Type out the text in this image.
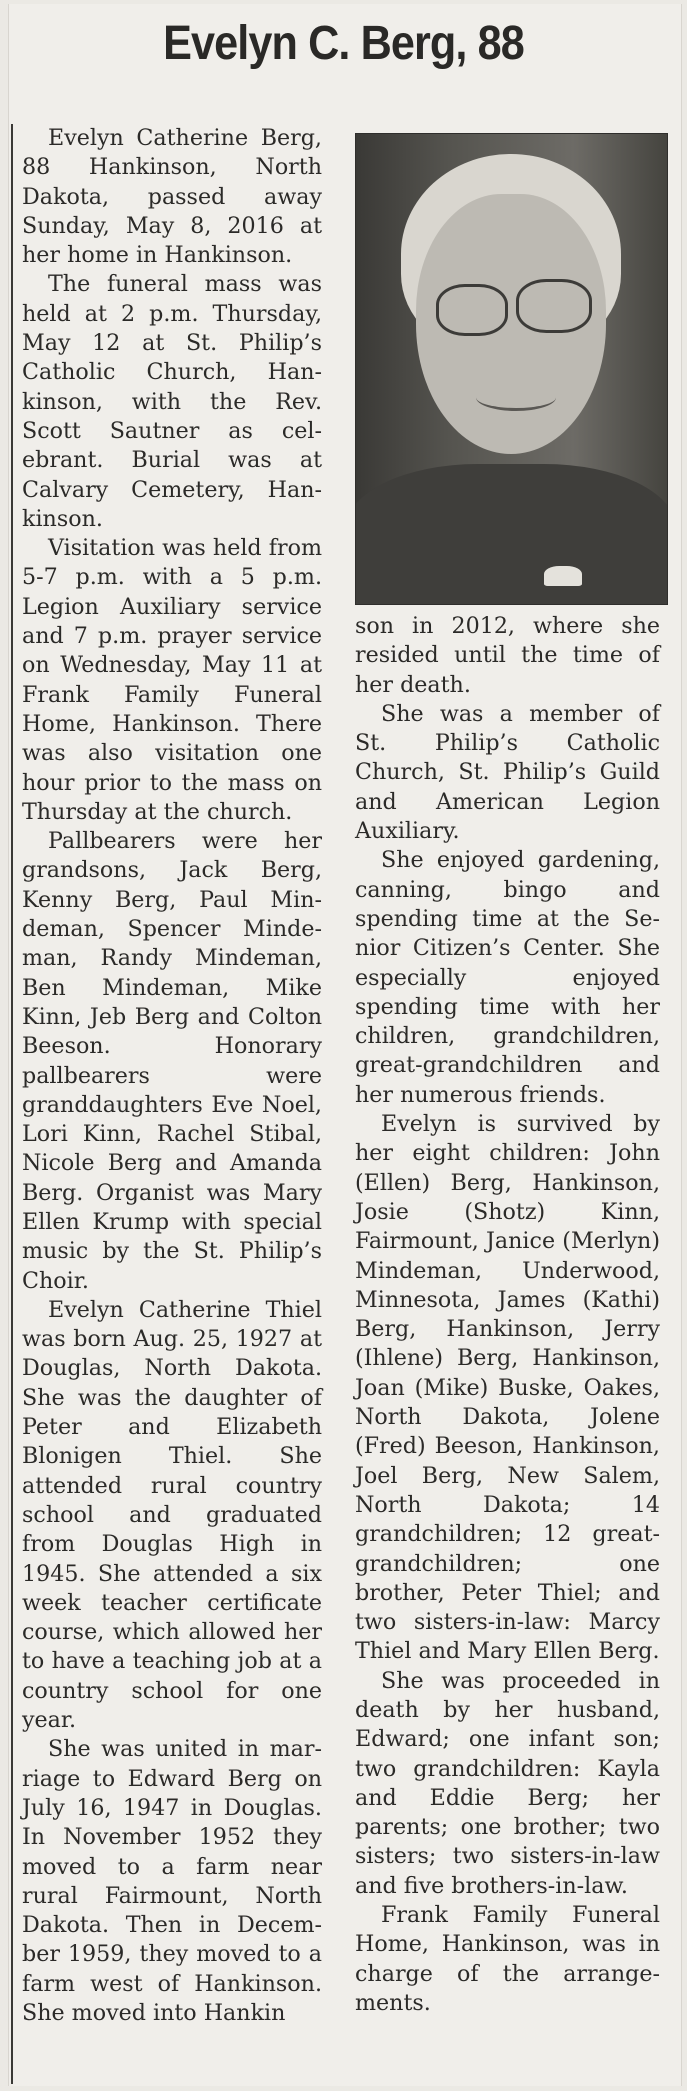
Evelyn C. Berg, 88

Evelyn Catherine Berg, 88 Hankinson, North Dakota, passed away Sunday, May 8, 2016 at her home in Hankinson.

The funeral mass was held at 2 p.m. Thursday, May 12 at St. Philip’s Catholic Church, Hankinson, with the Rev. Scott Sautner as celebrant. Burial was at Calvary Cemetery, Hankinson.

Visitation was held from 5-7 p.m. with a 5 p.m. Legion Auxiliary service and 7 p.m. prayer service on Wednesday, May 11 at Frank Family Funeral Home, Hankinson. There was also visitation one hour prior to the mass on Thursday at the church.

Pallbearers were her grandsons, Jack Berg, Kenny Berg, Paul Mindeman, Spencer Mindeman, Randy Mindeman, Ben Mindeman, Mike Kinn, Jeb Berg and Colton Beeson. Honorary pallbearers were granddaughters Eve Noel, Lori Kinn, Rachel Stibal, Nicole Berg and Amanda Berg. Organist was Mary Ellen Krump with special music by the St. Philip’s Choir.

Evelyn Catherine Thiel was born Aug. 25, 1927 at Douglas, North Dakota. She was the daughter of Peter and Elizabeth Blonigen Thiel. She attended rural country school and graduated from Douglas High in 1945. She attended a six week teacher certificate course, which allowed her to have a teaching job at a country school for one year.

She was united in marriage to Edward Berg on July 16, 1947 in Douglas. In November 1952 they moved to a farm near rural Fairmount, North Dakota. Then in December 1959, they moved to a farm west of Hankinson. She moved into Hankin

son in 2012, where she resided until the time of her death.

She was a member of St. Philip’s Catholic Church, St. Philip’s Guild and American Legion Auxiliary.

She enjoyed gardening, canning, bingo and spending time at the Senior Citizen’s Center. She especially enjoyed spending time with her children, grandchildren, great-grandchildren and her numerous friends.

Evelyn is survived by her eight children: John (Ellen) Berg, Hankinson, Josie (Shotz) Kinn, Fairmount, Janice (Merlyn) Mindeman, Underwood, Minnesota, James (Kathi) Berg, Hankinson, Jerry (Ihlene) Berg, Hankinson, Joan (Mike) Buske, Oakes, North Dakota, Jolene (Fred) Beeson, Hankinson, Joel Berg, New Salem, North Dakota; 14 grandchildren; 12 great-grandchildren; one brother, Peter Thiel; and two sisters-in-law: Marcy Thiel and Mary Ellen Berg.

She was proceeded in death by her husband, Edward; one infant son; two grandchildren: Kayla and Eddie Berg; her parents; one brother; two sisters; two sisters-in-law and five brothers-in-law.

Frank Family Funeral Home, Hankinson, was in charge of the arrangements.
